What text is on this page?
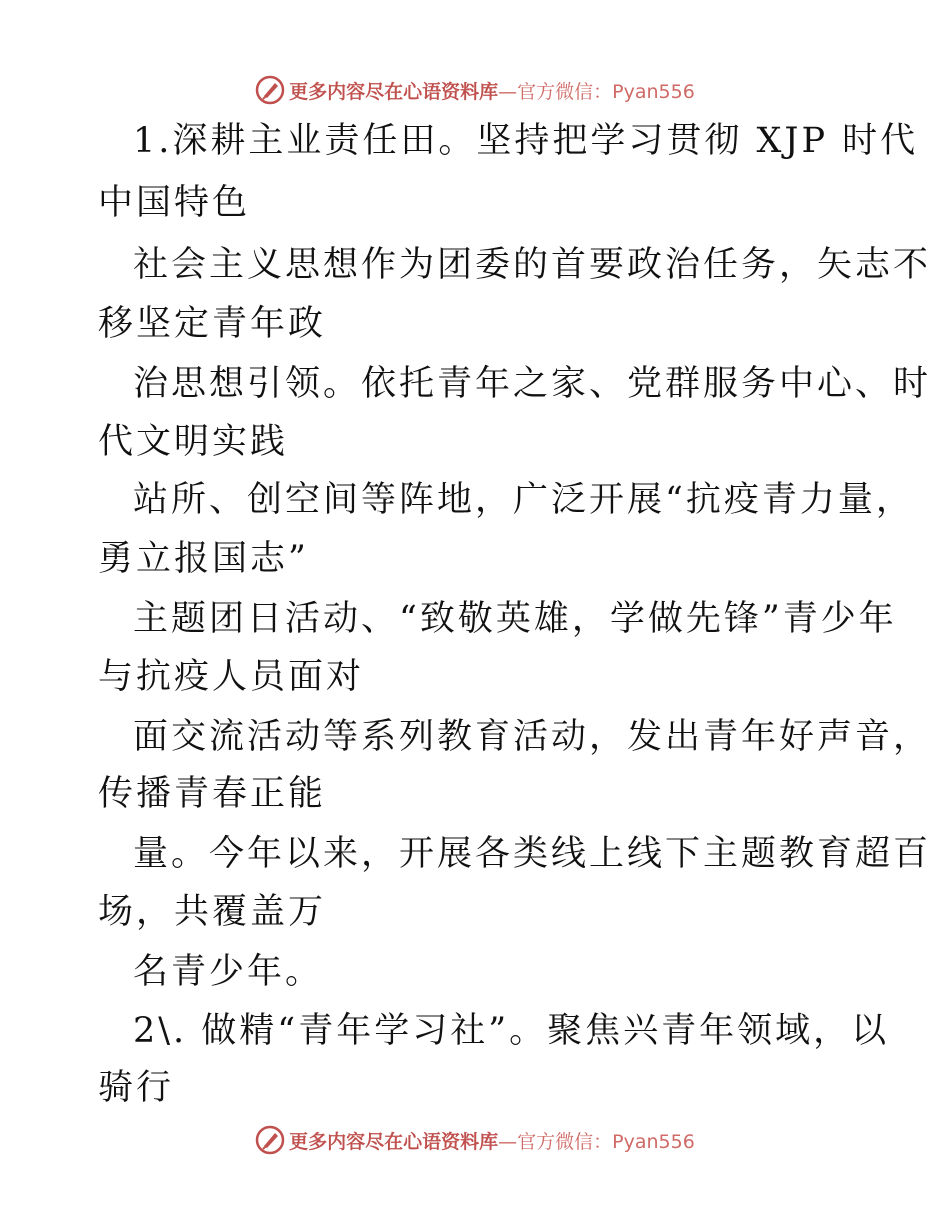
更多内容尽在心语资料库—官方微信：Pyan556
1.深耕主业责任田。坚持把学习贯彻 XJP 时代
中国特色
社会主义思想作为团委的首要政治任务，矢志不
移坚定青年政
治思想引领。依托青年之家、党群服务中心、时
代文明实践
站所、创空间等阵地，广泛开展“抗疫青力量，
勇立报国志”
主题团日活动、“致敬英雄，学做先锋”青少年
与抗疫人员面对
面交流活动等系列教育活动，发出青年好声音，
传播青春正能
量。今年以来，开展各类线上线下主题教育超百
场，共覆盖万
名青少年。
2\. 做精“青年学习社”。聚焦兴青年领域，以
骑行
更多内容尽在心语资料库—官方微信：Pyan556
